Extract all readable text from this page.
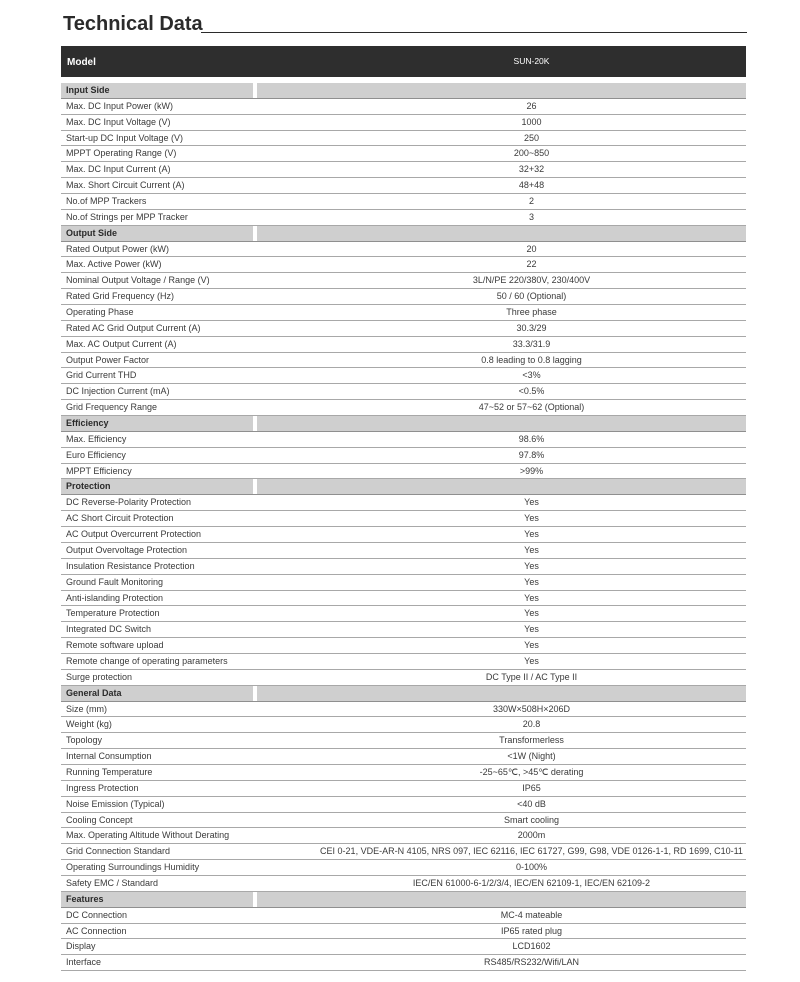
Technical Data
Model	SUN-20K
Input Side
Max. DC Input Power (kW)	26
Max. DC Input Voltage (V)	1000
Start-up DC Input Voltage (V)	250
MPPT Operating Range (V)	200~850
Max. DC Input Current (A)	32+32
Max. Short Circuit Current (A)	48+48
No.of MPP Trackers	2
No.of Strings per MPP Tracker	3
Output Side
Rated Output Power (kW)	20
Max. Active Power (kW)	22
Nominal Output Voltage / Range (V)	3L/N/PE 220/380V, 230/400V
Rated Grid Frequency (Hz)	50 / 60 (Optional)
Operating Phase	Three phase
Rated AC Grid Output Current (A)	30.3/29
Max. AC Output Current (A)	33.3/31.9
Output Power Factor	0.8 leading to 0.8 lagging
Grid Current THD	<3%
DC Injection Current (mA)	<0.5%
Grid Frequency Range	47~52 or 57~62 (Optional)
Efficiency
Max. Efficiency	98.6%
Euro Efficiency	97.8%
MPPT Efficiency	>99%
Protection
DC Reverse-Polarity Protection	Yes
AC Short Circuit Protection	Yes
AC Output Overcurrent Protection	Yes
Output Overvoltage Protection	Yes
Insulation Resistance Protection	Yes
Ground Fault Monitoring	Yes
Anti-islanding Protection	Yes
Temperature Protection	Yes
Integrated DC Switch	Yes
Remote software upload	Yes
Remote change of operating parameters	Yes
Surge protection	DC Type II / AC Type II
General Data
Size (mm)	330W×508H×206D
Weight (kg)	20.8
Topology	Transformerless
Internal Consumption	<1W (Night)
Running Temperature	-25~65℃, >45℃ derating
Ingress Protection	IP65
Noise Emission (Typical)	<40 dB
Cooling Concept	Smart cooling
Max. Operating Altitude Without Derating	2000m
Grid Connection Standard	CEI 0-21, VDE-AR-N 4105, NRS 097, IEC 62116, IEC 61727, G99, G98, VDE 0126-1-1, RD 1699, C10-11
Operating Surroundings Humidity	0-100%
Safety EMC / Standard	IEC/EN 61000-6-1/2/3/4, IEC/EN 62109-1, IEC/EN 62109-2
Features
DC Connection	MC-4 mateable
AC Connection	IP65 rated plug
Display	LCD1602
Interface	RS485/RS232/Wifi/LAN
